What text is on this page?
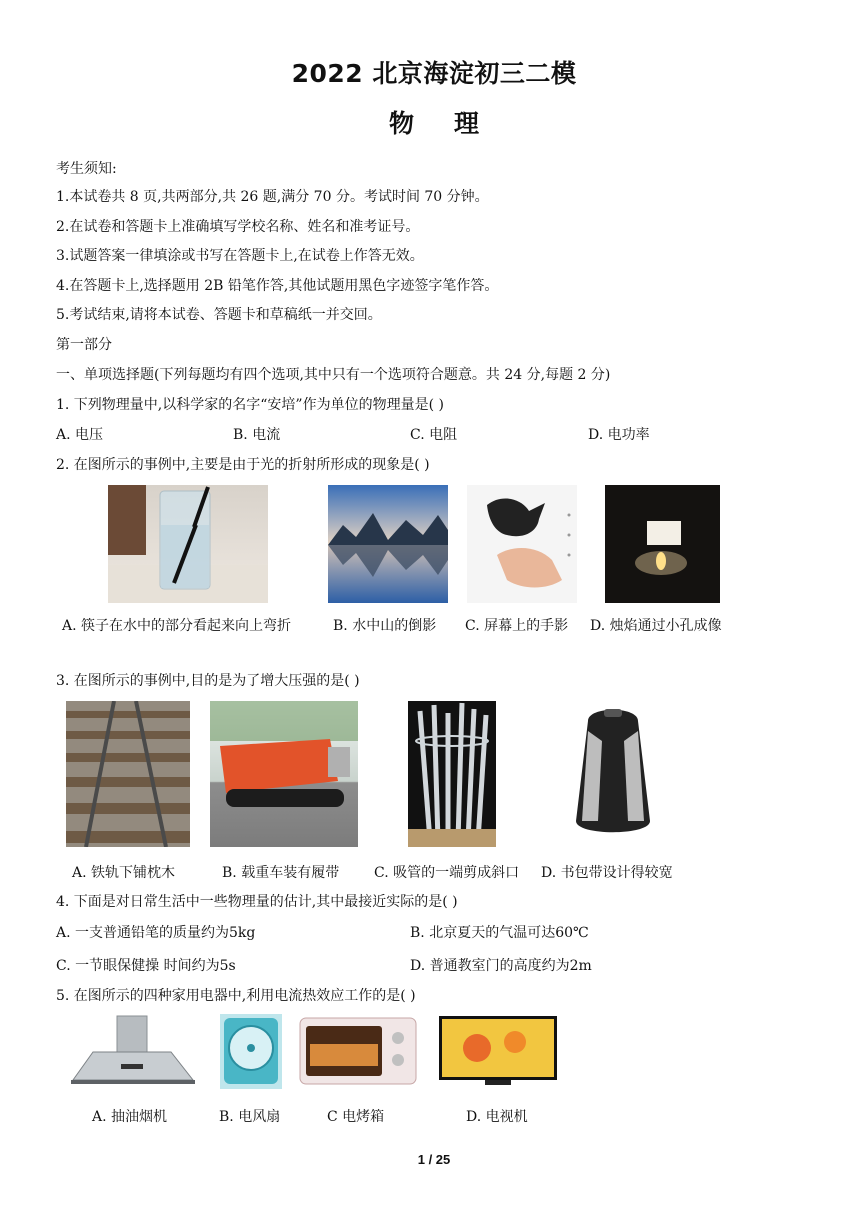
2022 北京海淀初三二模
物理
考生须知:
1.本试卷共 8 页,共两部分,共 26 题,满分 70 分。考试时间 70 分钟。
2.在试卷和答题卡上准确填写学校名称、姓名和准考证号。
3.试题答案一律填涂或书写在答题卡上,在试卷上作答无效。
4.在答题卡上,选择题用 2B 铅笔作答,其他试题用黑色字迹签字笔作答。
5.考试结束,请将本试卷、答题卡和草稿纸一并交回。
第一部分
一、单项选择题(下列每题均有四个选项,其中只有一个选项符合题意。共 24 分,每题 2 分)
1. 下列物理量中,以科学家的名字“安培”作为单位的物理量是( )
A. 电压	B. 电流	C. 电阻	D. 电功率
2. 在图所示的事例中,主要是由于光的折射所形成的现象是( )
A. 筷子在水中的部分看起来向上弯折	B. 水中山的倒影 C. 屏幕上的手影 D. 烛焰通过小孔成像
3. 在图所示的事例中,目的是为了增大压强的是( )
A. 铁轨下铺枕木	B. 载重车装有履带 C. 吸管的一端剪成斜口 D. 书包带设计得较宽
4. 下面是对日常生活中一些物理量的估计,其中最接近实际的是( )
A. 一支普通铅笔的质量约为5kg	B. 北京夏天的气温可达60℃
C. 一节眼保健操 时间约为5s	D. 普通教室门的高度约为2m
5. 在图所示的四种家用电器中,利用电流热效应工作的是( )
A. 抽油烟机	B. 电风扇	C 电烤箱	D. 电视机
1 / 25
